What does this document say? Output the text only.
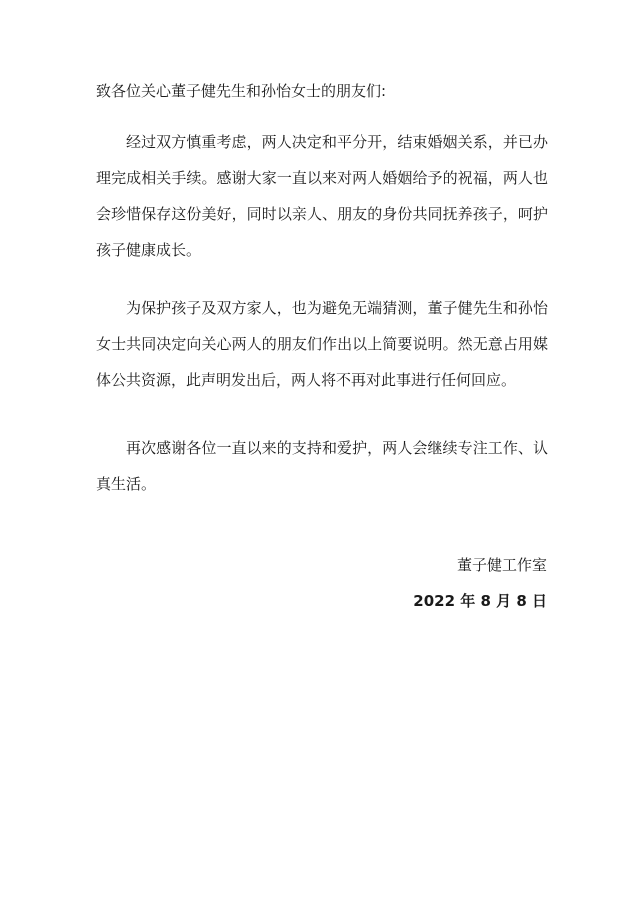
致各位关心董子健先生和孙怡女士的朋友们:
经过双方慎重考虑，两人决定和平分开，结束婚姻关系，并已办理完成相关手续。感谢大家一直以来对两人婚姻给予的祝福，两人也会珍惜保存这份美好，同时以亲人、朋友的身份共同抚养孩子，呵护孩子健康成长。
为保护孩子及双方家人，也为避免无端猜测，董子健先生和孙怡女士共同决定向关心两人的朋友们作出以上简要说明。然无意占用媒体公共资源，此声明发出后，两人将不再对此事进行任何回应。
再次感谢各位一直以来的支持和爱护，两人会继续专注工作、认真生活。
董子健工作室
2022 年 8 月 8 日
